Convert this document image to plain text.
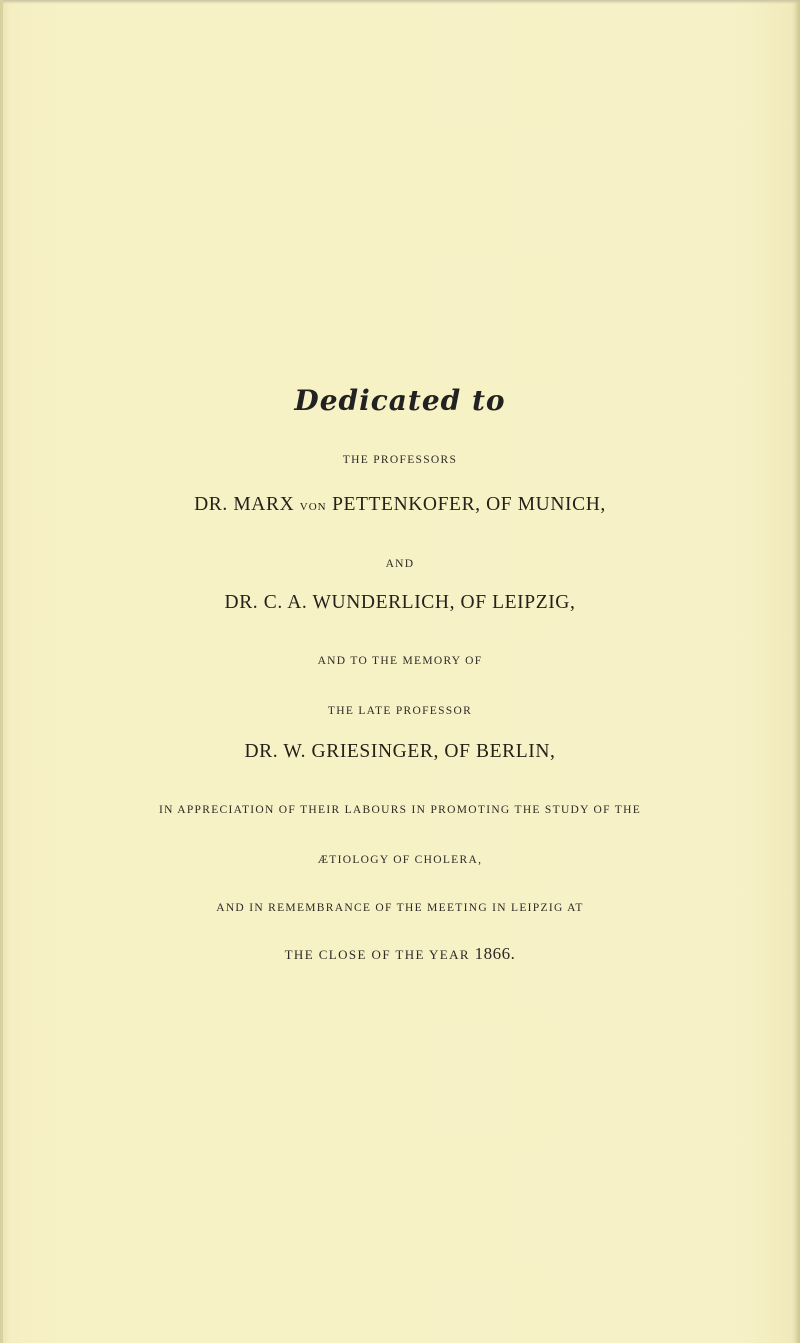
Dedicated to

THE PROFESSORS

DR. MARX VON PETTENKOFER, OF MUNICH,

AND

DR. C. A. WUNDERLICH, OF LEIPZIG,

AND TO THE MEMORY OF

THE LATE PROFESSOR

DR. W. GRIESINGER, OF BERLIN,

IN APPRECIATION OF THEIR LABOURS IN PROMOTING THE STUDY OF THE

ÆTIOLOGY OF CHOLERA,

AND IN REMEMBRANCE OF THE MEETING IN LEIPZIG AT

THE CLOSE OF THE YEAR 1866.
